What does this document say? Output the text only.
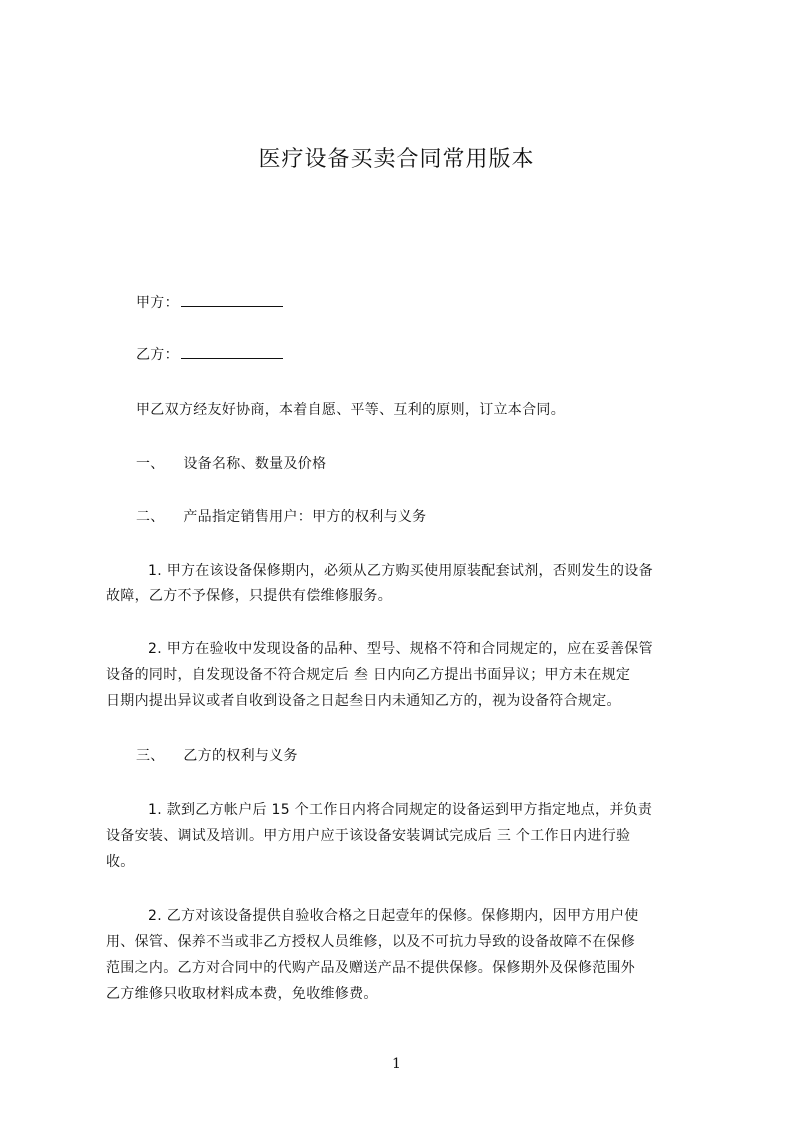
医疗设备买卖合同常用版本
甲方：
乙方：
甲乙双方经友好协商，本着自愿、平等、互利的原则，订立本合同。
一、 设备名称、数量及价格
二、 产品指定销售用户：甲方的权利与义务
1. 甲方在该设备保修期内，必须从乙方购买使用原装配套试剂，否则发生的设备
故障，乙方不予保修，只提供有偿维修服务。
2. 甲方在验收中发现设备的品种、型号、规格不符和合同规定的，应在妥善保管
设备的同时，自发现设备不符合规定后 叁 日内向乙方提出书面异议；甲方未在规定
日期内提出异议或者自收到设备之日起叁日内未通知乙方的，视为设备符合规定。
三、 乙方的权利与义务
1. 款到乙方帐户后 15 个工作日内将合同规定的设备运到甲方指定地点，并负责
设备安装、调试及培训。甲方用户应于该设备安装调试完成后 三 个工作日内进行验
收。
2. 乙方对该设备提供自验收合格之日起壹年的保修。保修期内，因甲方用户使
用、保管、保养不当或非乙方授权人员维修，以及不可抗力导致的设备故障不在保修
范围之内。乙方对合同中的代购产品及赠送产品不提供保修。保修期外及保修范围外
乙方维修只收取材料成本费，免收维修费。
1
